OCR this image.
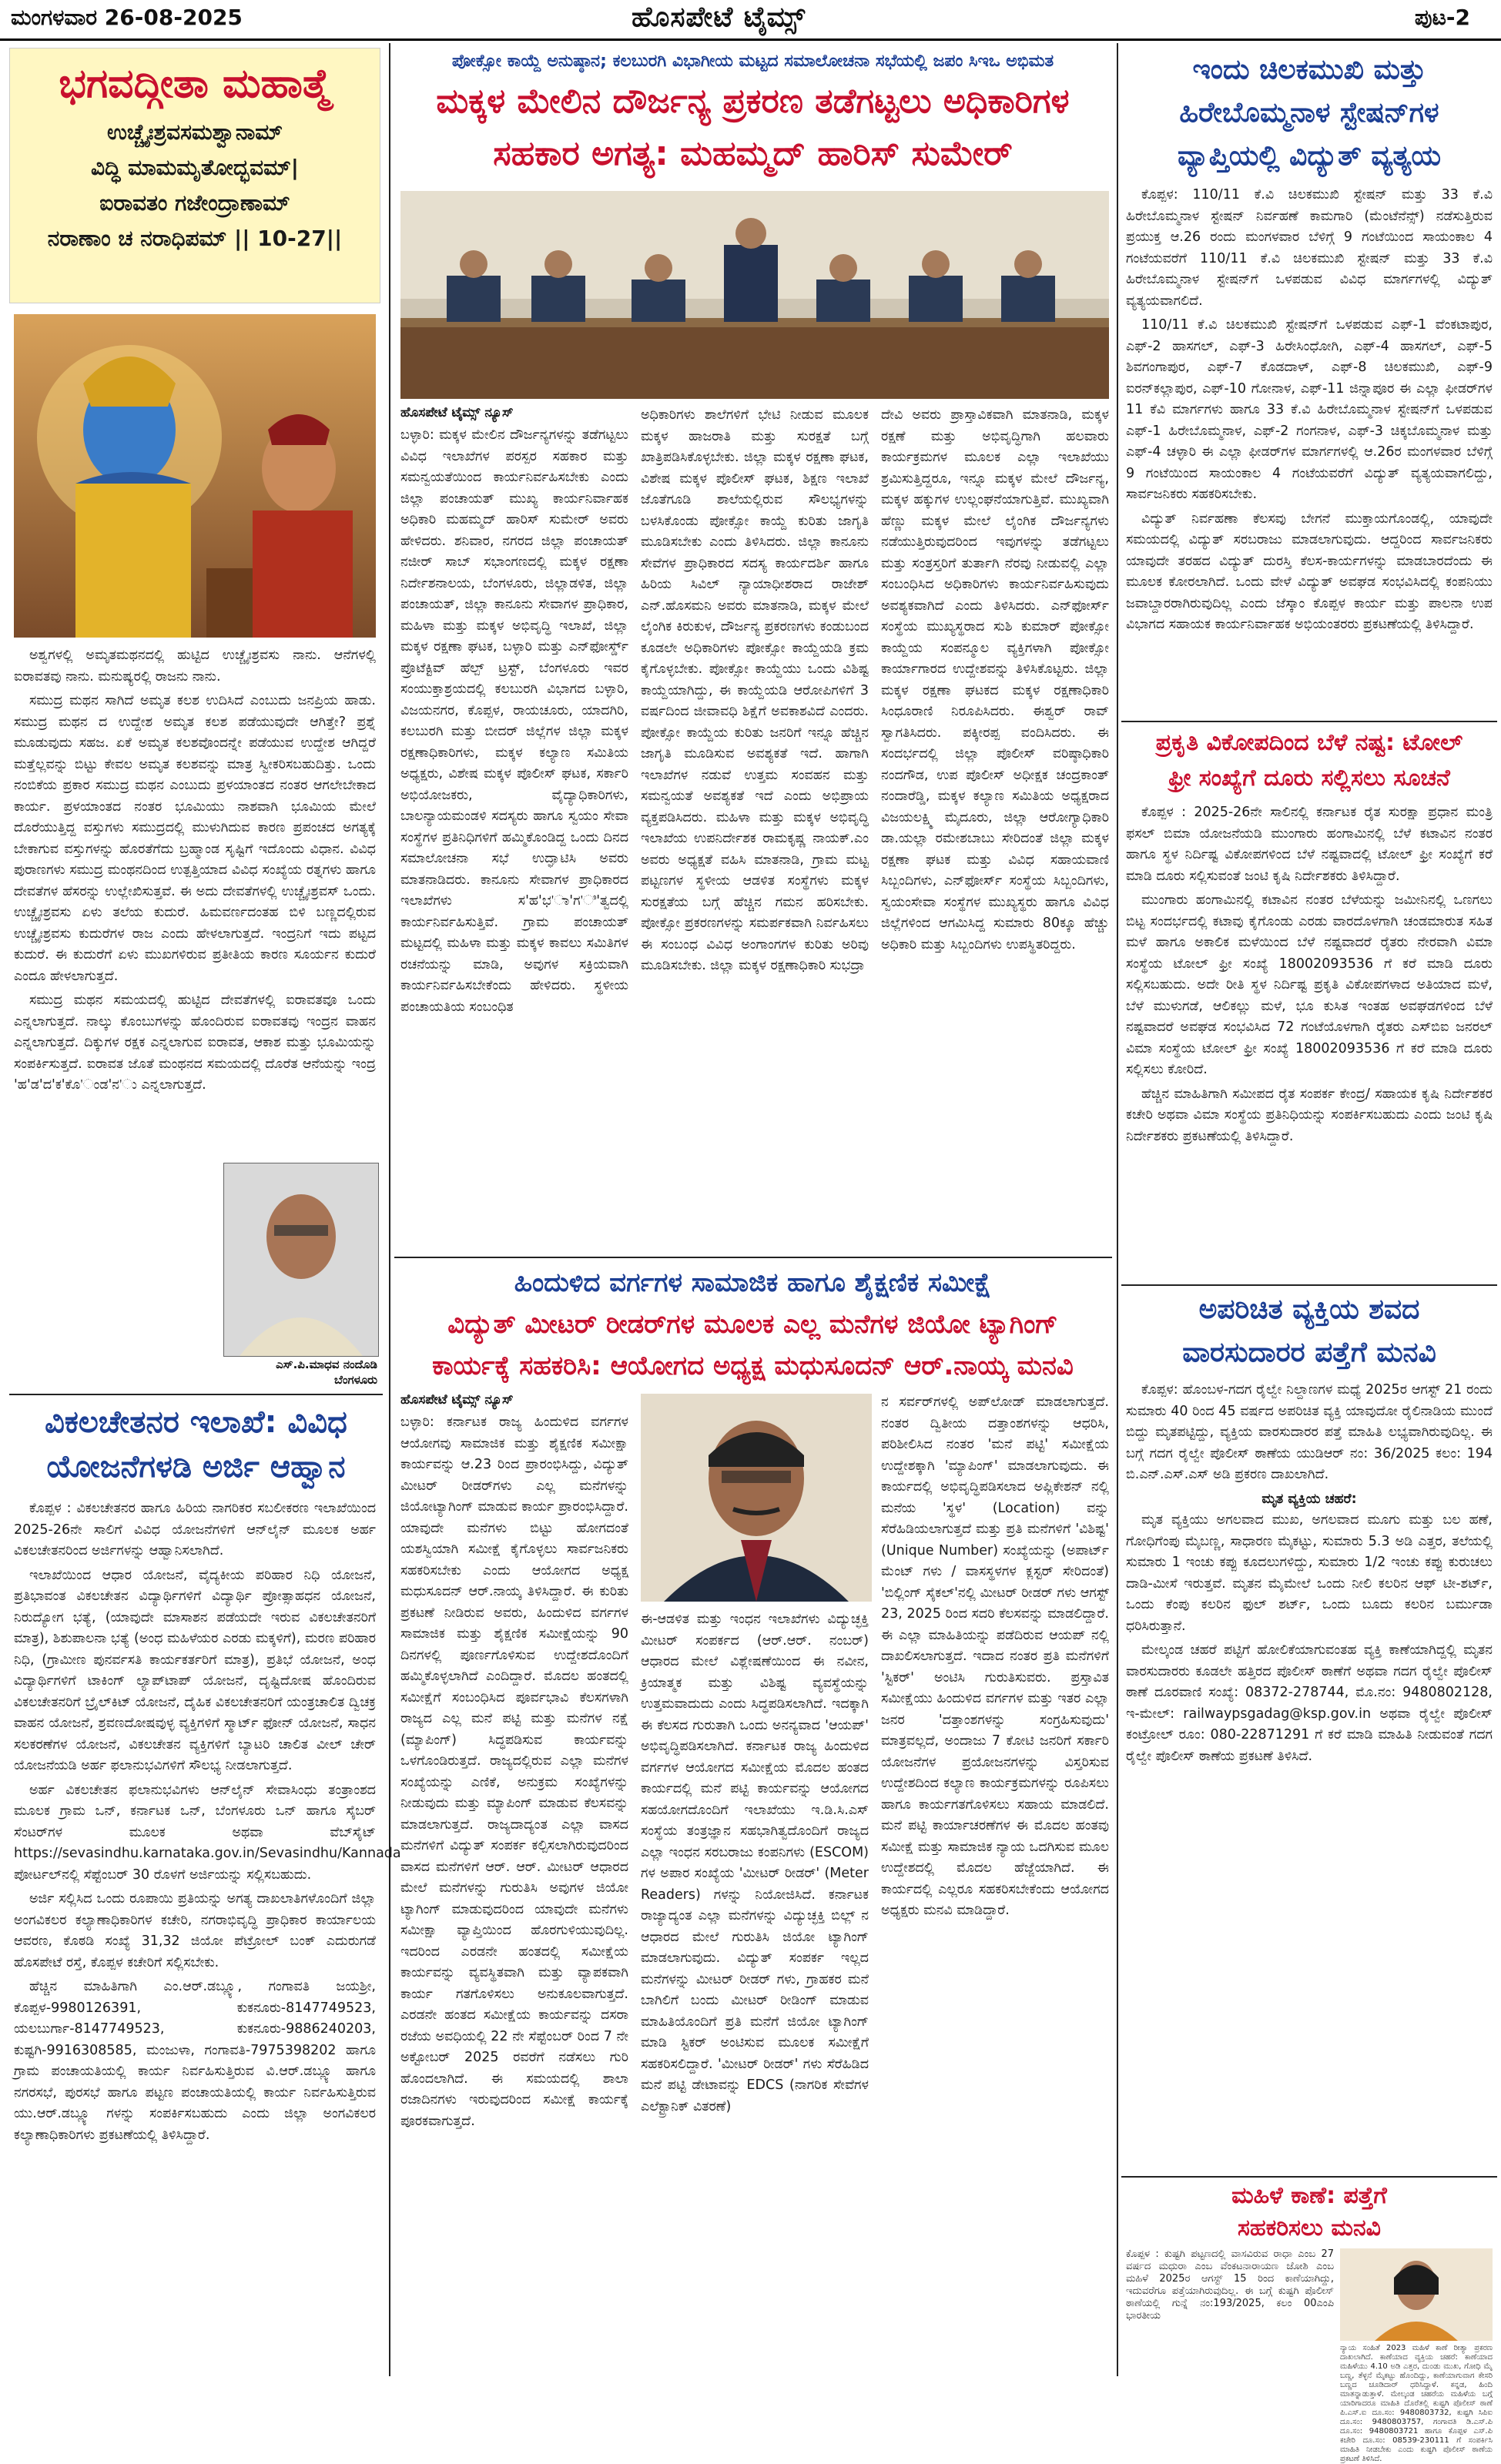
ಮಂಗಳವಾರ 26-08-2025	ಹೊಸಪೇಟೆ ಟೈಮ್ಸ್	ಪುಟ-2
ಭಗವದ್ಗೀತಾ ಮಹಾತ್ಮೆ
ಉಚ್ಚೈಃಶ್ರವಸಮಶ್ವಾನಾಮ್
ವಿದ್ಧಿ ಮಾಮಮೃತೋದ್ಭವಮ್|
ಐರಾವತಂ ಗಜೇಂದ್ರಾಣಾಮ್
ನರಾಣಾಂ ಚ ನರಾಧಿಪಮ್ || 10-27||

ಅಶ್ವಗಳಲ್ಲಿ ಅಮೃತಮಥನದಲ್ಲಿ ಹುಟ್ಟಿದ ಉಚ್ಚೈಃಶ್ರವಸು ನಾನು. ಆನೆಗಳಲ್ಲಿ ಐರಾವತವು ನಾನು. ಮನುಷ್ಯರಲ್ಲಿ ರಾಜನು ನಾನು.

ಸಮುದ್ರ ಮಥನ ಸಾಗಿದೆ ಅಮೃತ ಕಲಶ ಉದಿಸಿದೆ ಎಂಬುದು ಜನಪ್ರಿಯ ಹಾಡು. ಸಮುದ್ರ ಮಥನ ದ ಉದ್ದೇಶ ಅಮೃತ ಕಲಶ ಪಡೆಯುವುದೇ ಆಗಿತ್ತೇ? ಪ್ರಶ್ನೆ ಮೂಡುವುದು ಸಹಜ. ಏಕೆ ಅಮೃತ ಕಲಶವೊಂದನ್ನೇ ಪಡೆಯುವ ಉದ್ದೇಶ ಆಗಿದ್ದರೆ ಮತ್ತೆಲ್ಲವನ್ನು ಬಿಟ್ಟು ಕೇವಲ ಅಮೃತ ಕಲಶವನ್ನು ಮಾತ್ರ ಸ್ವೀಕರಿಸಬಹುದಿತ್ತು. ಒಂದು ನಂಬಿಕೆಯ ಪ್ರಕಾರ ಸಮುದ್ರ ಮಥನ ಎಂಬುದು ಪ್ರಳಯಾಂತದ ನಂತರ ಆಗಲೇಬೇಕಾದ ಕಾರ್ಯ. ಪ್ರಳಯಾಂತದ ನಂತರ ಭೂಮಿಯು ನಾಶವಾಗಿ ಭೂಮಿಯ ಮೇಲೆ ದೊರೆಯುತ್ತಿದ್ದ ವಸ್ತುಗಳು ಸಮುದ್ರದಲ್ಲಿ ಮುಳುಗಿದುವ ಕಾರಣ ಪ್ರಪಂಚದ ಅಗತ್ಯಕ್ಕೆ ಬೇಕಾಗುವ ವಸ್ತುಗಳನ್ನು ಹೊರತೆಗೆದು ಬ್ರಹ್ಮಾಂಡ ಸೃಷ್ಟಿಗೆ ಇದೊಂದು ವಿಧಾನ. ವಿವಿಧ ಪುರಾಣಗಳು ಸಮುದ್ರ ಮಂಥನದಿಂದ ಉತ್ಪತ್ತಿಯಾದ ವಿವಿಧ ಸಂಖ್ಯೆಯ ರತ್ನಗಳು ಹಾಗೂ ದೇವತೆಗಳ ಹೆಸರನ್ನು ಉಲ್ಲೇಖಿಸುತ್ತವೆ. ಈ ಅದು ದೇವತೆಗಳಲ್ಲಿ ಉಚ್ಚೈಃಶ್ರವಸ್ ಒಂದು. ಉಚ್ಚೈಃಶ್ರವಸು ಏಳು ತಲೆಯ ಕುದುರೆ. ಹಿಮವರ್ಣದಂತಹ ಬಿಳಿ ಬಣ್ಣದಲ್ಲಿರುವ ಉಚ್ಚೈಃಶ್ರವಸು ಕುದುರೆಗಳ ರಾಜ ಎಂದು ಹೇಳಲಾಗುತ್ತದೆ. ಇಂದ್ರನಿಗೆ ಇದು ಪಟ್ಟದ ಕುದುರೆ. ಈ ಕುದುರೆಗೆ ಏಳು ಮುಖಗಳಿರುವ ಪ್ರತೀತಿಯ ಕಾರಣ ಸೂರ್ಯನ ಕುದುರೆ ಎಂದೂ ಹೇಳಲಾಗುತ್ತದೆ.

ಸಮುದ್ರ ಮಥನ ಸಮಯದಲ್ಲಿ ಹುಟ್ಟಿದ ದೇವತೆಗಳಲ್ಲಿ ಐರಾವತವೂ ಒಂದು ಎನ್ನಲಾಗುತ್ತದೆ. ನಾಲ್ಕು ಕೊಂಬುಗಳನ್ನು ಹೊಂದಿರುವ ಐರಾವತವು ಇಂದ್ರನ ವಾಹನ ಎನ್ನಲಾಗುತ್ತದೆ. ದಿಕ್ಕುಗಳ ರಕ್ಷಕ ಎನ್ನಲಾಗುವ ಐರಾವತ, ಆಕಾಶ ಮತ್ತು ಭೂಮಿಯನ್ನು ಸಂಪರ್ಕಿಸುತ್ತದೆ. ಐರಾವತ ಜೊತೆ ಮಂಥನದ ಸಮಯದಲ್ಲಿ ದೊರೆತ ಆನೆಯನ್ನು ಇಂದ್ರ 'ಹ'ಡ'ದ'ಕ'ಕೊ'ಂಡ'ನ'ು ಎನ್ನಲಾಗುತ್ತದೆ.

ಎಸ್.ಪಿ.ಮಾಧವ ನಂದೊಡಿ
ಬೆಂಗಳೂರು
ವಿಕಲಚೇತನರ ಇಲಾಖೆ: ವಿವಿಧ ಯೋಜನೆಗಳಡಿ ಅರ್ಜಿ ಆಹ್ವಾನ

ಕೊಪ್ಪಳ : ವಿಕಲಚೇತನರ ಹಾಗೂ ಹಿರಿಯ ನಾಗರಿಕರ ಸಬಲೀಕರಣ ಇಲಾಖೆಯಿಂದ 2025-26ನೇ ಸಾಲಿಗೆ ವಿವಿಧ ಯೋಜನೆಗಳಿಗೆ ಆನ್‌ಲೈನ್ ಮೂಲಕ ಅರ್ಹ ವಿಕಲಚೇತನರಿಂದ ಅರ್ಜಿಗಳನ್ನು ಆಹ್ವಾನಿಸಲಾಗಿದೆ.

ಇಲಾಖೆಯಿಂದ ಆಧಾರ ಯೋಜನೆ, ವೈದ್ಯಕೀಯ ಪರಿಹಾರ ನಿಧಿ ಯೋಜನೆ, ಪ್ರತಿಭಾವಂತ ವಿಕಲಚೇತನ ವಿದ್ಯಾರ್ಥಿಗಳಿಗೆ ವಿದ್ಯಾರ್ಥಿ ಪ್ರೋತ್ಸಾಹಧನ ಯೋಜನೆ, ನಿರುದ್ಯೋಗ ಭತ್ಯೆ, (ಯಾವುದೇ ಮಾಸಾಶನ ಪಡೆಯದೇ ಇರುವ ವಿಕಲಚೇತನರಿಗೆ ಮಾತ್ರ), ಶಿಶುಪಾಲನಾ ಭತ್ಯೆ (ಅಂಧ ಮಹಿಳೆಯರ ಎರಡು ಮಕ್ಕಳಿಗೆ), ಮರಣ ಪರಿಹಾರ ನಿಧಿ, (ಗ್ರಾಮೀಣ ಪುನರ್ವಸತಿ ಕಾರ್ಯಕರ್ತರಿಗೆ ಮಾತ್ರ), ಪ್ರತಿಭೆ ಯೋಜನೆ, ಅಂಧ ವಿದ್ಯಾರ್ಥಿಗಳಿಗೆ ಟಾಕಿಂಗ್ ಲ್ಯಾಪ್‌ಟಾಪ್ ಯೋಜನೆ, ದೃಷ್ಟಿದೋಷ ಹೊಂದಿರುವ ವಿಕಲಚೇತನರಿಗೆ ಬ್ರೈಲ್‌ಕಿಟ್ ಯೋಜನೆ, ದೈಹಿಕ ವಿಕಲಚೇತನರಿಗೆ ಯಂತ್ರಚಾಲಿತ ದ್ವಿಚಕ್ರ ವಾಹನ ಯೋಜನೆ, ಶ್ರವಣದೋಷವುಳ್ಳ ವ್ಯಕ್ತಿಗಳಿಗೆ ಸ್ಮಾರ್ಟ್ ಫೋನ್ ಯೋಜನೆ, ಸಾಧನ ಸಲಕರಣೆಗಳ ಯೋಜನೆ, ವಿಕಲಚೇತನ ವ್ಯಕ್ತಿಗಳಿಗೆ ಬ್ಯಾಟರಿ ಚಾಲಿತ ವೀಲ್ ಚೇರ್ ಯೋಜನೆಯಡಿ ಅರ್ಹ ಫಲಾನುಭವಿಗಳಿಗೆ ಸೌಲಭ್ಯ ನೀಡಲಾಗುತ್ತದೆ.

ಅರ್ಹ ವಿಕಲಚೇತನ ಫಲಾನುಭವಿಗಳು ಆನ್‌ಲೈನ್ ಸೇವಾಸಿಂಧು ತಂತ್ರಾಂಶದ ಮೂಲಕ ಗ್ರಾಮ ಒನ್, ಕರ್ನಾಟಕ ಒನ್, ಬೆಂಗಳೂರು ಒನ್ ಹಾಗೂ ಸೈಬರ್ ಸೆಂಟರ್‌ಗಳ ಮೂಲಕ ಅಥವಾ ವೆಬ್‌ಸೈಟ್ https://sevasindhu.karnataka.gov.in/Sevasindhu/Kannada ಪೋರ್ಟಲ್‌ನಲ್ಲಿ ಸೆಪ್ಟೆಂಬರ್ 30 ರೊಳಗೆ ಅರ್ಜಿಯನ್ನು ಸಲ್ಲಿಸಬಹುದು.

ಅರ್ಜಿ ಸಲ್ಲಿಸಿದ ಒಂದು ರೂಪಾಯಿ ಪ್ರತಿಯನ್ನು ಅಗತ್ಯ ದಾಖಲಾತಿಗಳೊಂದಿಗೆ ಜಿಲ್ಲಾ ಅಂಗವಿಕಲರ ಕಲ್ಯಾಣಾಧಿಕಾರಿಗಳ ಕಚೇರಿ, ನಗರಾಭಿವೃದ್ಧಿ ಪ್ರಾಧಿಕಾರ ಕಾರ್ಯಾಲಯ ಆವರಣ, ಕೊಠಡಿ ಸಂಖ್ಯೆ 31,32 ಜಿಯೋ ಪೆಟ್ರೋಲ್ ಬಂಕ್ ಎದುರುಗಡೆ ಹೊಸಪೇಟೆ ರಸ್ತೆ, ಕೊಪ್ಪಳ ಕಚೇರಿಗೆ ಸಲ್ಲಿಸಬೇಕು.

ಹೆಚ್ಚಿನ ಮಾಹಿತಿಗಾಗಿ ಎಂ.ಆರ್.ಡಬ್ಲ್ಯೂ, ಗಂಗಾವತಿ ಜಯಶ್ರೀ, ಕೊಪ್ಪಳ-9980126391, ಕುಕನೂರು-8147749523, ಯಲಬುರ್ಗಾ-8147749523, ಕುಕನೂರು-9886240203, ಕುಷ್ಟಗಿ-9916308585, ಮಂಜುಳಾ, ಗಂಗಾವತಿ-7975398202 ಹಾಗೂ ಗ್ರಾಮ ಪಂಚಾಯತಿಯಲ್ಲಿ ಕಾರ್ಯ ನಿರ್ವಹಿಸುತ್ತಿರುವ ವಿ.ಆರ್.ಡಬ್ಲ್ಯೂ ಹಾಗೂ ನಗರಸಭೆ, ಪುರಸಭೆ ಹಾಗೂ ಪಟ್ಟಣ ಪಂಚಾಯತಿಯಲ್ಲಿ ಕಾರ್ಯ ನಿರ್ವಹಿಸುತ್ತಿರುವ ಯು.ಆರ್.ಡಬ್ಲ್ಯೂ ಗಳನ್ನು ಸಂಪರ್ಕಿಸಬಹುದು ಎಂದು ಜಿಲ್ಲಾ ಅಂಗವಿಕಲರ ಕಲ್ಯಾಣಾಧಿಕಾರಿಗಳು ಪ್ರಕಟಣೆಯಲ್ಲಿ ತಿಳಿಸಿದ್ದಾರೆ.

ಪೋಕ್ಸೋ ಕಾಯ್ದೆ ಅನುಷ್ಠಾನ; ಕಲಬುರಗಿ ವಿಭಾಗೀಯ ಮಟ್ಟದ ಸಮಾಲೋಚನಾ ಸಭೆಯಲ್ಲಿ ಜಪಂ ಸಿಇಒ ಅಭಿಮತ
ಮಕ್ಕಳ ಮೇಲಿನ ದೌರ್ಜನ್ಯ ಪ್ರಕರಣ ತಡೆಗಟ್ಟಲು ಅಧಿಕಾರಿಗಳ
ಸಹಕಾರ ಅಗತ್ಯ: ಮಹಮ್ಮದ್ ಹಾರಿಸ್ ಸುಮೇರ್
ಹೊಸಪೇಟೆ ಟೈಮ್ಸ್ ನ್ಯೂಸ್
ಬಳ್ಳಾರಿ: ಮಕ್ಕಳ ಮೇಲಿನ ದೌರ್ಜನ್ಯಗಳನ್ನು ತಡೆಗಟ್ಟಲು ವಿವಿಧ ಇಲಾಖೆಗಳ ಪರಸ್ಪರ ಸಹಕಾರ ಮತ್ತು ಸಮನ್ವಯತೆಯಿಂದ ಕಾರ್ಯನಿರ್ವಹಿಸಬೇಕು ಎಂದು ಜಿಲ್ಲಾ ಪಂಚಾಯತ್ ಮುಖ್ಯ ಕಾರ್ಯನಿರ್ವಾಹಕ ಅಧಿಕಾರಿ ಮಹಮ್ಮದ್ ಹಾರಿಸ್ ಸುಮೇರ್ ಅವರು ಹೇಳಿದರು. ಶನಿವಾರ, ನಗರದ ಜಿಲ್ಲಾ ಪಂಚಾಯತ್ ನಜೀರ್ ಸಾಬ್ ಸಭಾಂಗಣದಲ್ಲಿ ಮಕ್ಕಳ ರಕ್ಷಣಾ ನಿರ್ದೇಶನಾಲಯ, ಬೆಂಗಳೂರು, ಜಿಲ್ಲಾಡಳಿತ, ಜಿಲ್ಲಾ ಪಂಚಾಯತ್, ಜಿಲ್ಲಾ ಕಾನೂನು ಸೇವಾಗಳ ಪ್ರಾಧಿಕಾರ, ಮಹಿಳಾ ಮತ್ತು ಮಕ್ಕಳ ಅಭಿವೃದ್ಧಿ ಇಲಾಖೆ, ಜಿಲ್ಲಾ ಮಕ್ಕಳ ರಕ್ಷಣಾ ಘಟಕ, ಬಳ್ಳಾರಿ ಮತ್ತು ಎನ್‌ಫೋರ್ಸ್ಡ್ ಪ್ರೊಟೆಕ್ಟಿವ್ ಹೆಲ್ಪ್ ಟ್ರಸ್ಟ್, ಬೆಂಗಳೂರು ಇವರ ಸಂಯುಕ್ತಾಶ್ರಯದಲ್ಲಿ ಕಲಬುರಗಿ ವಿಭಾಗದ ಬಳ್ಳಾರಿ, ವಿಜಯನಗರ, ಕೊಪ್ಪಳ, ರಾಯಚೂರು, ಯಾದಗಿರಿ, ಕಲಬುರಗಿ ಮತ್ತು ಬೀದರ್ ಜಿಲ್ಲೆಗಳ ಜಿಲ್ಲಾ ಮಕ್ಕಳ ರಕ್ಷಣಾಧಿಕಾರಿಗಳು, ಮಕ್ಕಳ ಕಲ್ಯಾಣ ಸಮಿತಿಯ ಅಧ್ಯಕ್ಷರು, ವಿಶೇಷ ಮಕ್ಕಳ ಪೊಲೀಸ್ ಘಟಕ, ಸರ್ಕಾರಿ ಅಭಿಯೋಜಕರು, ವೈದ್ಯಾಧಿಕಾರಿಗಳು, ಬಾಲನ್ಯಾಯಮಂಡಳಿ ಸದಸ್ಯರು ಹಾಗೂ ಸ್ವಯಂ ಸೇವಾ ಸಂಸ್ಥೆಗಳ ಪ್ರತಿನಿಧಿಗಳಿಗೆ ಹಮ್ಮಿಕೊಂಡಿದ್ದ ಒಂದು ದಿನದ ಸಮಾಲೋಚನಾ ಸಭೆ ಉದ್ಘಾಟಿಸಿ ಅವರು ಮಾತನಾಡಿದರು. ಕಾನೂನು ಸೇವಾಗಳ ಪ್ರಾಧಿಕಾರದ ಇಲಾಖೆಗಳು ಸ'ಹ'ಭ'ಾ'ಗ'ಿ'ತ್ವದಲ್ಲಿ ಕಾರ್ಯನಿರ್ವಹಿಸುತ್ತಿವೆ. ಗ್ರಾಮ ಪಂಚಾಯತ್ ಮಟ್ಟದಲ್ಲಿ ಮಹಿಳಾ ಮತ್ತು ಮಕ್ಕಳ ಕಾವಲು ಸಮಿತಿಗಳ ರಚನೆಯನ್ನು ಮಾಡಿ, ಅವುಗಳ ಸಕ್ರಿಯವಾಗಿ ಕಾರ್ಯನಿರ್ವಹಿಸಬೇಕೆಂದು ಹೇಳಿದರು. ಸ್ಥಳೀಯ ಪಂಚಾಯತಿಯ ಸಂಬಂಧಿತ
ಅಧಿಕಾರಿಗಳು ಶಾಲೆಗಳಿಗೆ ಭೇಟಿ ನೀಡುವ ಮೂಲಕ ಮಕ್ಕಳ ಹಾಜರಾತಿ ಮತ್ತು ಸುರಕ್ಷತೆ ಬಗ್ಗೆ ಖಾತ್ರಿಪಡಿಸಿಕೊಳ್ಳಬೇಕು. ಜಿಲ್ಲಾ ಮಕ್ಕಳ ರಕ್ಷಣಾ ಘಟಕ, ವಿಶೇಷ ಮಕ್ಕಳ ಪೊಲೀಸ್ ಘಟಕ, ಶಿಕ್ಷಣ ಇಲಾಖೆ ಜೊತೆಗೂಡಿ ಶಾಲೆಯಲ್ಲಿರುವ ಸೌಲಭ್ಯಗಳನ್ನು ಬಳಸಿಕೊಂಡು ಪೋಕ್ಸೋ ಕಾಯ್ದೆ ಕುರಿತು ಜಾಗೃತಿ ಮೂಡಿಸಬೇಕು ಎಂದು ತಿಳಿಸಿದರು. ಜಿಲ್ಲಾ ಕಾನೂನು ಸೇವೆಗಳ ಪ್ರಾಧಿಕಾರದ ಸದಸ್ಯ ಕಾರ್ಯದರ್ಶಿ ಹಾಗೂ ಹಿರಿಯ ಸಿವಿಲ್ ನ್ಯಾಯಾಧೀಶರಾದ ರಾಜೇಶ್ ಎನ್.ಹೊಸಮನಿ ಅವರು ಮಾತನಾಡಿ, ಮಕ್ಕಳ ಮೇಲೆ ಲೈಂಗಿಕ ಕಿರುಕುಳ, ದೌರ್ಜನ್ಯ ಪ್ರಕರಣಗಳು ಕಂಡುಬಂದ ಕೂಡಲೇ ಅಧಿಕಾರಿಗಳು ಪೋಕ್ಸೋ ಕಾಯ್ದೆಯಡಿ ಕ್ರಮ ಕೈಗೊಳ್ಳಬೇಕು. ಪೋಕ್ಸೋ ಕಾಯ್ದೆಯು ಒಂದು ವಿಶಿಷ್ಟ ಕಾಯ್ದೆಯಾಗಿದ್ದು, ಈ ಕಾಯ್ದೆಯಡಿ ಆರೋಪಿಗಳಿಗೆ 3 ವರ್ಷದಿಂದ ಜೀವಾವಧಿ ಶಿಕ್ಷೆಗೆ ಅವಕಾಶವಿದೆ ಎಂದರು. ಪೋಕ್ಸೋ ಕಾಯ್ದೆಯ ಕುರಿತು ಜನರಿಗೆ ಇನ್ನೂ ಹೆಚ್ಚಿನ ಜಾಗೃತಿ ಮೂಡಿಸುವ ಅವಶ್ಯಕತೆ ಇದೆ. ಹಾಗಾಗಿ ಇಲಾಖೆಗಳ ನಡುವೆ ಉತ್ತಮ ಸಂವಹನ ಮತ್ತು ಸಮನ್ವಯತೆ ಅವಶ್ಯಕತೆ ಇದೆ ಎಂದು ಅಭಿಪ್ರಾಯ ವ್ಯಕ್ತಪಡಿಸಿದರು. ಮಹಿಳಾ ಮತ್ತು ಮಕ್ಕಳ ಅಭಿವೃದ್ಧಿ ಇಲಾಖೆಯ ಉಪನಿರ್ದೇಶಕ ರಾಮಕೃಷ್ಣ ನಾಯಕ್.ಎಂ ಅವರು ಅಧ್ಯಕ್ಷತೆ ವಹಿಸಿ ಮಾತನಾಡಿ, ಗ್ರಾಮ ಮಟ್ಟ ಪಟ್ಟಣಗಳ ಸ್ಥಳೀಯ ಆಡಳಿತ ಸಂಸ್ಥೆಗಳು ಮಕ್ಕಳ ಸುರಕ್ಷತೆಯ ಬಗ್ಗೆ ಹೆಚ್ಚಿನ ಗಮನ ಹರಿಸಬೇಕು. ಪೋಕ್ಸೋ ಪ್ರಕರಣಗಳನ್ನು ಸಮರ್ಪಕವಾಗಿ ನಿರ್ವಹಿಸಲು ಈ ಸಂಬಂಧ ವಿವಿಧ ಅಂಗಾಂಗಗಳ ಕುರಿತು ಅರಿವು ಮೂಡಿಸಬೇಕು. ಜಿಲ್ಲಾ ಮಕ್ಕಳ ರಕ್ಷಣಾಧಿಕಾರಿ ಸುಭದ್ರಾ
ದೇವಿ ಅವರು ಪ್ರಾಸ್ತಾವಿಕವಾಗಿ ಮಾತನಾಡಿ, ಮಕ್ಕಳ ರಕ್ಷಣೆ ಮತ್ತು ಅಭಿವೃದ್ಧಿಗಾಗಿ ಹಲವಾರು ಕಾರ್ಯಕ್ರಮಗಳ ಮೂಲಕ ಎಲ್ಲಾ ಇಲಾಖೆಯು ಶ್ರಮಿಸುತ್ತಿದ್ದರೂ, ಇನ್ನೂ ಮಕ್ಕಳ ಮೇಲೆ ದೌರ್ಜನ್ಯ, ಮಕ್ಕಳ ಹಕ್ಕುಗಳ ಉಲ್ಲಂಘನೆಯಾಗುತ್ತಿವೆ. ಮುಖ್ಯವಾಗಿ ಹೆಣ್ಣು ಮಕ್ಕಳ ಮೇಲೆ ಲೈಂಗಿಕ ದೌರ್ಜನ್ಯಗಳು ನಡೆಯುತ್ತಿರುವುದರಿಂದ ಇವುಗಳನ್ನು ತಡೆಗಟ್ಟಲು ಮತ್ತು ಸಂತ್ರಸ್ತರಿಗೆ ತುರ್ತಾಗಿ ನೆರವು ನೀಡುವಲ್ಲಿ ಎಲ್ಲಾ ಸಂಬಂಧಿಸಿದ ಅಧಿಕಾರಿಗಳು ಕಾರ್ಯನಿರ್ವಹಿಸುವುದು ಅವಶ್ಯಕವಾಗಿದೆ ಎಂದು ತಿಳಿಸಿದರು. ಎನ್‌ಫೋರ್ಸ್ ಸಂಸ್ಥೆಯ ಮುಖ್ಯಸ್ಥರಾದ ಸುಶಿ ಕುಮಾರ್ ಪೋಕ್ಸೋ ಕಾಯ್ದೆಯ ಸಂಪನ್ಮೂಲ ವ್ಯಕ್ತಿಗಳಾಗಿ ಪೋಕ್ಸೋ ಕಾರ್ಯಾಗಾರದ ಉದ್ದೇಶವನ್ನು ತಿಳಿಸಿಕೊಟ್ಟರು. ಜಿಲ್ಲಾ ಮಕ್ಕಳ ರಕ್ಷಣಾ ಘಟಕದ ಮಕ್ಕಳ ರಕ್ಷಣಾಧಿಕಾರಿ ಸಿಂಧೂರಾಣಿ ನಿರೂಪಿಸಿದರು. ಈಶ್ವರ್ ರಾವ್ ಸ್ವಾಗತಿಸಿದರು. ಪಕ್ಕೀರಪ್ಪ ವಂದಿಸಿದರು. ಈ ಸಂದರ್ಭದಲ್ಲಿ ಜಿಲ್ಲಾ ಪೊಲೀಸ್ ವರಿಷ್ಠಾಧಿಕಾರಿ ನಂದಗೌಡ, ಉಪ ಪೊಲೀಸ್ ಅಧೀಕ್ಷಕ ಚಂದ್ರಕಾಂತ್ ನಂದಾರೆಡ್ಡಿ, ಮಕ್ಕಳ ಕಲ್ಯಾಣ ಸಮಿತಿಯ ಅಧ್ಯಕ್ಷರಾದ ವಿಜಯಲಕ್ಷ್ಮಿ ಮೈದೂರು, ಜಿಲ್ಲಾ ಆರೋಗ್ಯಾಧಿಕಾರಿ ಡಾ.ಯಲ್ಲಾ ರಮೇಶಬಾಬು ಸೇರಿದಂತೆ ಜಿಲ್ಲಾ ಮಕ್ಕಳ ರಕ್ಷಣಾ ಘಟಕ ಮತ್ತು ವಿವಿಧ ಸಹಾಯವಾಣಿ ಸಿಬ್ಬಂದಿಗಳು, ಎನ್‌ಫೋರ್ಸ್ ಸಂಸ್ಥೆಯ ಸಿಬ್ಬಂದಿಗಳು, ಸ್ವಯಂಸೇವಾ ಸಂಸ್ಥೆಗಳ ಮುಖ್ಯಸ್ಥರು ಹಾಗೂ ವಿವಿಧ ಜಿಲ್ಲೆಗಳಿಂದ ಆಗಮಿಸಿದ್ದ ಸುಮಾರು 80ಕ್ಕೂ ಹೆಚ್ಚು ಅಧಿಕಾರಿ ಮತ್ತು ಸಿಬ್ಬಂದಿಗಳು ಉಪಸ್ಥಿತರಿದ್ದರು.
ಹಿಂದುಳಿದ ವರ್ಗಗಳ ಸಾಮಾಜಿಕ ಹಾಗೂ ಶೈಕ್ಷಣಿಕ ಸಮೀಕ್ಷೆ
ವಿದ್ಯುತ್ ಮೀಟರ್ ರೀಡರ್‌ಗಳ ಮೂಲಕ ಎಲ್ಲ ಮನೆಗಳ ಜಿಯೋ ಟ್ಯಾಗಿಂಗ್
ಕಾರ್ಯಕ್ಕೆ ಸಹಕರಿಸಿ: ಆಯೋಗದ ಅಧ್ಯಕ್ಷ ಮಧುಸೂದನ್ ಆರ್.ನಾಯ್ಕ ಮನವಿ
ಹೊಸಪೇಟೆ ಟೈಮ್ಸ್ ನ್ಯೂಸ್
ಬಳ್ಳಾರಿ: ಕರ್ನಾಟಕ ರಾಜ್ಯ ಹಿಂದುಳಿದ ವರ್ಗಗಳ ಆಯೋಗವು ಸಾಮಾಜಿಕ ಮತ್ತು ಶೈಕ್ಷಣಿಕ ಸಮೀಕ್ಷಾ ಕಾರ್ಯವನ್ನು ಆ.23 ರಿಂದ ಪ್ರಾರಂಭಿಸಿದ್ದು, ವಿದ್ಯುತ್ ಮೀಟರ್ ರೀಡರ್‌ಗಳು ಎಲ್ಲ ಮನೆಗಳನ್ನು ಜಿಯೋಟ್ಯಾಗಿಂಗ್ ಮಾಡುವ ಕಾರ್ಯ ಪ್ರಾರಂಭಿಸಿದ್ದಾರೆ. ಯಾವುದೇ ಮನೆಗಳು ಬಿಟ್ಟು ಹೋಗದಂತೆ ಯಶಸ್ವಿಯಾಗಿ ಸಮೀಕ್ಷೆ ಕೈಗೊಳ್ಳಲು ಸಾರ್ವಜನಿಕರು ಸಹಕರಿಸಬೇಕು ಎಂದು ಆಯೋಗದ ಅಧ್ಯಕ್ಷ ಮಧುಸೂದನ್ ಆರ್.ನಾಯ್ಕ ತಿಳಿಸಿದ್ದಾರೆ. ಈ ಕುರಿತು ಪ್ರಕಟಣೆ ನೀಡಿರುವ ಅವರು, ಹಿಂದುಳಿದ ವರ್ಗಗಳ ಸಾಮಾಜಿಕ ಮತ್ತು ಶೈಕ್ಷಣಿಕ ಸಮೀಕ್ಷೆಯನ್ನು 90 ದಿನಗಳಲ್ಲಿ ಪೂರ್ಣಗೊಳಿಸುವ ಉದ್ದೇಶದೊಂದಿಗೆ ಹಮ್ಮಿಕೊಳ್ಳಲಾಗಿದೆ ಎಂದಿದ್ದಾರೆ. ಮೊದಲ ಹಂತದಲ್ಲಿ ಸಮೀಕ್ಷೆಗೆ ಸಂಬಂಧಿಸಿದ ಪೂರ್ವಭಾವಿ ಕೆಲಸಗಳಾಗಿ ರಾಜ್ಯದ ಎಲ್ಲ ಮನೆ ಪಟ್ಟಿ ಮತ್ತು ಮನೆಗಳ ನಕ್ಷೆ (ಮ್ಯಾಪಿಂಗ್) ಸಿದ್ಧಪಡಿಸುವ ಕಾರ್ಯವನ್ನು ಒಳಗೊಂಡಿರುತ್ತದೆ. ರಾಜ್ಯದಲ್ಲಿರುವ ಎಲ್ಲಾ ಮನೆಗಳ ಸಂಖ್ಯೆಯನ್ನು ಎಣಿಕೆ, ಅನುಕ್ರಮ ಸಂಖ್ಯೆಗಳನ್ನು ನೀಡುವುದು ಮತ್ತು ಮ್ಯಾಪಿಂಗ್ ಮಾಡುವ ಕೆಲಸವನ್ನು ಮಾಡಲಾಗುತ್ತದೆ. ರಾಜ್ಯದಾದ್ಯಂತ ಎಲ್ಲಾ ವಾಸದ ಮನೆಗಳಿಗೆ ವಿದ್ಯುತ್ ಸಂಪರ್ಕ ಕಲ್ಪಿಸಲಾಗಿರುವುದರಿಂದ ವಾಸದ ಮನೆಗಳಿಗೆ ಆರ್. ಆರ್. ಮೀಟರ್ ಆಧಾರದ ಮೇಲೆ ಮನೆಗಳನ್ನು ಗುರುತಿಸಿ ಅವುಗಳ ಜಿಯೋ ಟ್ಯಾಗಿಂಗ್ ಮಾಡುವುದರಿಂದ ಯಾವುದೇ ಮನೆಗಳು ಸಮೀಕ್ಷಾ ವ್ಯಾಪ್ತಿಯಿಂದ ಹೊರಗುಳಿಯುವುದಿಲ್ಲ. ಇದರಿಂದ ಎರಡನೇ ಹಂತದಲ್ಲಿ ಸಮೀಕ್ಷೆಯ ಕಾರ್ಯವನ್ನು ವ್ಯವಸ್ಥಿತವಾಗಿ ಮತ್ತು ವ್ಯಾಪಕವಾಗಿ ಕಾರ್ಯ ಗತಗೊಳಿಸಲು ಅನುಕೂಲವಾಗುತ್ತದೆ. ಎರಡನೇ ಹಂತದ ಸಮೀಕ್ಷೆಯ ಕಾರ್ಯವನ್ನು ದಸರಾ ರಜೆಯ ಅವಧಿಯಲ್ಲಿ 22 ನೇ ಸೆಪ್ಟೆಂಬರ್ ರಿಂದ 7 ನೇ ಅಕ್ಟೋಬರ್ 2025 ರವರೆಗೆ ನಡೆಸಲು ಗುರಿ ಹೊಂದಲಾಗಿದೆ. ಈ ಸಮಯದಲ್ಲಿ ಶಾಲಾ ರಜಾದಿನಗಳು ಇರುವುದರಿಂದ ಸಮೀಕ್ಷೆ ಕಾರ್ಯಕ್ಕೆ ಪೂರಕವಾಗುತ್ತದೆ.
ಈ-ಆಡಳಿತ ಮತ್ತು ಇಂಧನ ಇಲಾಖೆಗಳು ವಿದ್ಯುಚ್ಛಕ್ತಿ ಮೀಟರ್ ಸಂಪರ್ಕದ (ಆರ್.ಆರ್. ನಂಬರ್) ಆಧಾರದ ಮೇಲೆ ವಿಶ್ಲೇಷಣೆಯಿಂದ ಈ ನವೀನ, ಕ್ರಿಯಾತ್ಮಕ ಮತ್ತು ವಿಶಿಷ್ಟ ವ್ಯವಸ್ಥೆಯನ್ನು ಉತ್ತಮವಾದುದು ಎಂದು ಸಿದ್ಧಪಡಿಸಲಾಗಿದೆ. ಇದಕ್ಕಾಗಿ ಈ ಕೆಲಸದ ಗುರುತಾಗಿ ಒಂದು ಅನನ್ಯವಾದ 'ಆಯಪ್' ಅಭಿವೃದ್ಧಿಪಡಿಸಲಾಗಿದೆ. ಕರ್ನಾಟಕ ರಾಜ್ಯ ಹಿಂದುಳಿದ ವರ್ಗಗಳ ಆಯೋಗದ ಸಮೀಕ್ಷೆಯ ಮೊದಲ ಹಂತದ ಕಾರ್ಯದಲ್ಲಿ ಮನೆ ಪಟ್ಟಿ ಕಾರ್ಯವನ್ನು ಆಯೋಗದ ಸಹಯೋಗದೊಂದಿಗೆ ಇಲಾಖೆಯು ಇ.ಡಿ.ಸಿ.ಎಸ್ ಸಂಸ್ಥೆಯ ತಂತ್ರಜ್ಞಾನ ಸಹಭಾಗಿತ್ವದೊಂದಿಗೆ ರಾಜ್ಯದ ಎಲ್ಲಾ ಇಂಧನ ಸರಬರಾಜು ಕಂಪನಿಗಳು (ESCOM) ಗಳ ಅಪಾರ ಸಂಖ್ಯೆಯ 'ಮೀಟರ್ ರೀಡರ್' (Meter Readers) ಗಳನ್ನು ನಿಯೋಜಿಸಿದೆ. ಕರ್ನಾಟಕ ರಾಜ್ಯಾದ್ಯಂತ ಎಲ್ಲಾ ಮನೆಗಳನ್ನು ವಿದ್ಯುಚ್ಛಕ್ತಿ ಬಿಲ್ಲ್ ನ ಆಧಾರದ ಮೇಲೆ ಗುರುತಿಸಿ ಜಿಯೋ ಟ್ಯಾಗಿಂಗ್ ಮಾಡಲಾಗುವುದು. ವಿದ್ಯುತ್ ಸಂಪರ್ಕ ಇಲ್ಲದ ಮನೆಗಳನ್ನು ಮೀಟರ್ ರೀಡರ್ ಗಳು, ಗ್ರಾಹಕರ ಮನೆ ಬಾಗಿಲಿಗೆ ಬಂದು ಮೀಟರ್ ರೀಡಿಂಗ್ ಮಾಡುವ ಮಾಹಿತಿಯೊಂದಿಗೆ ಪ್ರತಿ ಮನೆಗೆ ಜಿಯೋ ಟ್ಯಾಗಿಂಗ್ ಮಾಡಿ ಸ್ಟಿಕರ್ ಅಂಟಿಸುವ ಮೂಲಕ ಸಮೀಕ್ಷೆಗೆ ಸಹಕರಿಸಲಿದ್ದಾರೆ. 'ಮೀಟರ್ ರೀಡರ್' ಗಳು ಸೆರೆಹಿಡಿದ ಮನೆ ಪಟ್ಟಿ ಡೇಟಾವನ್ನು EDCS (ನಾಗರಿಕ ಸೇವೆಗಳ ಎಲೆಕ್ಟ್ರಾನಿಕ್ ವಿತರಣೆ)
ನ ಸರ್ವರ್‌ಗಳಲ್ಲಿ ಅಪ್‌ಲೋಡ್ ಮಾಡಲಾಗುತ್ತದೆ. ನಂತರ ದ್ವಿತೀಯ ದತ್ತಾಂಶಗಳನ್ನು ಆಧರಿಸಿ, ಪರಿಶೀಲಿಸಿದ ನಂತರ 'ಮನೆ ಪಟ್ಟಿ' ಸಮೀಕ್ಷೆಯ ಉದ್ದೇಶಕ್ಕಾಗಿ 'ಮ್ಯಾಪಿಂಗ್' ಮಾಡಲಾಗುವುದು. ಈ ಕಾರ್ಯದಲ್ಲಿ ಅಭಿವೃದ್ಧಿಪಡಿಸಲಾದ ಅಪ್ಲಿಕೇಶನ್ ನಲ್ಲಿ ಮನೆಯ 'ಸ್ಥಳ' (Location) ವನ್ನು ಸೆರೆಹಿಡಿಯಲಾಗುತ್ತದೆ ಮತ್ತು ಪ್ರತಿ ಮನೆಗಳಿಗೆ 'ವಿಶಿಷ್ಟ' (Unique Number) ಸಂಖ್ಯೆಯನ್ನು (ಅಪಾರ್ಟ್ ಮೆಂಟ್ ಗಳು / ವಾಸಸ್ಥಳಗಳ ಕ್ಲಸ್ಟರ್ ಸೇರಿದಂತೆ) 'ಬಿಲ್ಲಿಂಗ್ ಸೈಕಲ್'ನಲ್ಲಿ ಮೀಟರ್ ರೀಡರ್ ಗಳು ಆಗಸ್ಟ್ 23, 2025 ರಿಂದ ಸದರಿ ಕೆಲಸವನ್ನು ಮಾಡಲಿದ್ದಾರೆ. ಈ ಎಲ್ಲಾ ಮಾಹಿತಿಯನ್ನು ಪಡೆದಿರುವ ಆಯಪ್ ನಲ್ಲಿ ದಾಖಲಿಸಲಾಗುತ್ತದೆ. ಇದಾದ ನಂತರ ಪ್ರತಿ ಮನೆಗಳಿಗೆ 'ಸ್ಟಿಕರ್' ಅಂಟಿಸಿ ಗುರುತಿಸುವರು. ಪ್ರಸ್ತಾವಿತ ಸಮೀಕ್ಷೆಯು ಹಿಂದುಳಿದ ವರ್ಗಗಳ ಮತ್ತು ಇತರ ಎಲ್ಲಾ ಜನರ 'ದತ್ತಾಂಶಗಳನ್ನು ಸಂಗ್ರಹಿಸುವುದು' ಮಾತ್ರವಲ್ಲದೆ, ಅಂದಾಜು 7 ಕೋಟಿ ಜನರಿಗೆ ಸರ್ಕಾರಿ ಯೋಜನೆಗಳ ಪ್ರಯೋಜನಗಳನ್ನು ವಿಸ್ತರಿಸುವ ಉದ್ದೇಶದಿಂದ ಕಲ್ಯಾಣ ಕಾರ್ಯಕ್ರಮಗಳನ್ನು ರೂಪಿಸಲು ಹಾಗೂ ಕಾರ್ಯಗತಗೊಳಿಸಲು ಸಹಾಯ ಮಾಡಲಿದೆ. ಮನೆ ಪಟ್ಟಿ ಕಾರ್ಯಾಚರಣೆಗಳ ಈ ಮೊದಲ ಹಂತವು ಸಮೀಕ್ಷೆ ಮತ್ತು ಸಾಮಾಜಿಕ ನ್ಯಾಯ ಒದಗಿಸುವ ಮೂಲ ಉದ್ದೇಶದಲ್ಲಿ ಮೊದಲ ಹೆಜ್ಜೆಯಾಗಿದೆ. ಈ ಕಾರ್ಯದಲ್ಲಿ ಎಲ್ಲರೂ ಸಹಕರಿಸಬೇಕೆಂದು ಆಯೋಗದ ಅಧ್ಯಕ್ಷರು ಮನವಿ ಮಾಡಿದ್ದಾರೆ.
ಇಂದು ಚಿಲಕಮುಖಿ ಮತ್ತು
ಹಿರೇಬೊಮ್ಮನಾಳ ಸ್ಟೇಷನ್‌ಗಳ
ವ್ಯಾಪ್ತಿಯಲ್ಲಿ ವಿದ್ಯುತ್ ವ್ಯತ್ಯಯ

ಕೊಪ್ಪಳ: 110/11 ಕೆ.ವಿ ಚಿಲಕಮುಖಿ ಸ್ಟೇಷನ್ ಮತ್ತು 33 ಕೆ.ವಿ ಹಿರೇಬೊಮ್ಮನಾಳ ಸ್ಟೇಷನ್ ನಿರ್ವಹಣೆ ಕಾಮಗಾರಿ (ಮೆಂಟೆನೆನ್ಸ್) ನಡೆಸುತ್ತಿರುವ ಪ್ರಯುಕ್ತ ಆ.26 ರಂದು ಮಂಗಳವಾರ ಬೆಳಿಗ್ಗೆ 9 ಗಂಟೆಯಿಂದ ಸಾಯಂಕಾಲ 4 ಗಂಟೆಯವರೆಗೆ 110/11 ಕೆ.ವಿ ಚಿಲಕಮುಖಿ ಸ್ಟೇಷನ್ ಮತ್ತು 33 ಕೆ.ವಿ ಹಿರೇಬೊಮ್ಮನಾಳ ಸ್ಟೇಷನ್‌ಗೆ ಒಳಪಡುವ ವಿವಿಧ ಮಾರ್ಗಗಳಲ್ಲಿ ವಿದ್ಯುತ್ ವ್ಯತ್ಯಯವಾಗಲಿದೆ.

110/11 ಕೆ.ವಿ ಚಿಲಕಮುಖಿ ಸ್ಟೇಷನ್‌ಗೆ ಒಳಪಡುವ ಎಫ್-1 ವೆಂಕಟಾಪುರ, ಎಫ್-2 ಹಾಸಗಲ್, ಎಫ್-3 ಹಿರೇಸಿಂಧೋಗಿ, ಎಫ್-4 ಹಾಸಗಲ್, ಎಫ್-5 ಶಿವಗಂಗಾಪುರ, ಎಫ್-7 ಕೊಡದಾಳ್, ಎಫ್-8 ಚಿಲಕಮುಖಿ, ಎಫ್-9 ಐರನ್‌ಕಲ್ಲಾಪುರ, ಎಫ್-10 ಗೋನಾಳ, ಎಫ್-11 ಜಿನ್ನಾಪೂರ ಈ ಎಲ್ಲಾ ಫೀಡರ್‌ಗಳ 11 ಕೆವಿ ಮಾರ್ಗಗಳು ಹಾಗೂ 33 ಕೆ.ವಿ ಹಿರೇಬೊಮ್ಮನಾಳ ಸ್ಟೇಷನ್‌ಗೆ ಒಳಪಡುವ ಎಫ್-1 ಹಿರೇಬೊಮ್ಮನಾಳ, ಎಫ್-2 ಗಂಗನಾಳ, ಎಫ್-3 ಚಿಕ್ಕಬೊಮ್ಮನಾಳ ಮತ್ತು ಎಫ್-4 ಚಳ್ಳಾರಿ ಈ ಎಲ್ಲಾ ಫೀಡರ್‌ಗಳ ಮಾರ್ಗಗಳಲ್ಲಿ ಆ.26ರ ಮಂಗಳವಾರ ಬೆಳಿಗ್ಗೆ 9 ಗಂಟೆಯಿಂದ ಸಾಯಂಕಾಲ 4 ಗಂಟೆಯವರೆಗೆ ವಿದ್ಯುತ್ ವ್ಯತ್ಯಯವಾಗಲಿದ್ದು, ಸಾರ್ವಜನಿಕರು ಸಹಕರಿಸಬೇಕು.

ವಿದ್ಯುತ್ ನಿರ್ವಹಣಾ ಕೆಲಸವು ಬೇಗನೆ ಮುಕ್ತಾಯಗೊಂಡಲ್ಲಿ, ಯಾವುದೇ ಸಮಯದಲ್ಲಿ ವಿದ್ಯುತ್ ಸರಬರಾಜು ಮಾಡಲಾಗುವುದು. ಆದ್ದರಿಂದ ಸಾರ್ವಜನಿಕರು ಯಾವುದೇ ತರಹದ ವಿದ್ಯುತ್ ದುರಸ್ತಿ ಕೆಲಸ-ಕಾರ್ಯಗಳನ್ನು ಮಾಡಬಾರದೆಂದು ಈ ಮೂಲಕ ಕೋರಲಾಗಿದೆ. ಒಂದು ವೇಳೆ ವಿದ್ಯುತ್ ಅವಘಡ ಸಂಭವಿಸಿದಲ್ಲಿ ಕಂಪನಿಯು ಜವಾಬ್ದಾರರಾಗಿರುವುದಿಲ್ಲ ಎಂದು ಜೆಸ್ಕಾಂ ಕೊಪ್ಪಳ ಕಾರ್ಯ ಮತ್ತು ಪಾಲನಾ ಉಪ ವಿಭಾಗದ ಸಹಾಯಕ ಕಾರ್ಯನಿರ್ವಾಹಕ ಅಭಿಯಂತರರು ಪ್ರಕಟಣೆಯಲ್ಲಿ ತಿಳಿಸಿದ್ದಾರೆ.

ಪ್ರಕೃತಿ ವಿಕೋಪದಿಂದ ಬೆಳೆ ನಷ್ಟ: ಟೋಲ್
ಫ್ರೀ ಸಂಖ್ಯೆಗೆ ದೂರು ಸಲ್ಲಿಸಲು ಸೂಚನೆ

ಕೊಪ್ಪಳ : 2025-26ನೇ ಸಾಲಿನಲ್ಲಿ ಕರ್ನಾಟಕ ರೈತ ಸುರಕ್ಷಾ ಪ್ರಧಾನ ಮಂತ್ರಿ ಫಸಲ್ ಬಿಮಾ ಯೋಜನೆಯಡಿ ಮುಂಗಾರು ಹಂಗಾಮಿನಲ್ಲಿ ಬೆಳೆ ಕಟಾವಿನ ನಂತರ ಹಾಗೂ ಸ್ಥಳ ನಿರ್ದಿಷ್ಟ ವಿಕೋಪಗಳಿಂದ ಬೆಳೆ ನಷ್ಟವಾದಲ್ಲಿ ಟೋಲ್ ಫ್ರೀ ಸಂಖ್ಯೆಗೆ ಕರೆ ಮಾಡಿ ದೂರು ಸಲ್ಲಿಸುವಂತೆ ಜಂಟಿ ಕೃಷಿ ನಿರ್ದೇಶಕರು ತಿಳಿಸಿದ್ದಾರೆ.

ಮುಂಗಾರು ಹಂಗಾಮಿನಲ್ಲಿ ಕಟಾವಿನ ನಂತರ ಬೆಳೆಯನ್ನು ಜಮೀನಿನಲ್ಲಿ ಒಣಗಲು ಬಿಟ್ಟ ಸಂದರ್ಭದಲ್ಲಿ ಕಟಾವು ಕೈಗೊಂಡು ಎರಡು ವಾರದೊಳಗಾಗಿ ಚಂಡಮಾರುತ ಸಹಿತ ಮಳೆ ಹಾಗೂ ಅಕಾಲಿಕ ಮಳೆಯಿಂದ ಬೆಳೆ ನಷ್ಟವಾದರೆ ರೈತರು ನೇರವಾಗಿ ವಿಮಾ ಸಂಸ್ಥೆಯ ಟೋಲ್ ಫ್ರೀ ಸಂಖ್ಯೆ 18002093536 ಗೆ ಕರೆ ಮಾಡಿ ದೂರು ಸಲ್ಲಿಸಬಹುದು. ಅದೇ ರೀತಿ ಸ್ಥಳ ನಿರ್ದಿಷ್ಟ ಪ್ರಕೃತಿ ವಿಕೋಪಗಳಾದ ಅತಿಯಾದ ಮಳೆ, ಬೆಳೆ ಮುಳುಗಡೆ, ಆಲಿಕಲ್ಲು ಮಳೆ, ಭೂ ಕುಸಿತ ಇಂತಹ ಅವಘಡಗಳಿಂದ ಬೆಳೆ ನಷ್ಟವಾದರೆ ಅವಘಡ ಸಂಭವಿಸಿದ 72 ಗಂಟೆಯೊಳಗಾಗಿ ರೈತರು ಎಸ್‌ಬಿಐ ಜನರಲ್ ವಿಮಾ ಸಂಸ್ಥೆಯ ಟೋಲ್ ಫ್ರೀ ಸಂಖ್ಯೆ 18002093536 ಗೆ ಕರೆ ಮಾಡಿ ದೂರು ಸಲ್ಲಿಸಲು ಕೋರಿದೆ.

ಹೆಚ್ಚಿನ ಮಾಹಿತಿಗಾಗಿ ಸಮೀಪದ ರೈತ ಸಂಪರ್ಕ ಕೇಂದ್ರ/ ಸಹಾಯಕ ಕೃಷಿ ನಿರ್ದೇಶಕರ ಕಚೇರಿ ಅಥವಾ ವಿಮಾ ಸಂಸ್ಥೆಯ ಪ್ರತಿನಿಧಿಯನ್ನು ಸಂಪರ್ಕಿಸಬಹುದು ಎಂದು ಜಂಟಿ ಕೃಷಿ ನಿರ್ದೇಶಕರು ಪ್ರಕಟಣೆಯಲ್ಲಿ ತಿಳಿಸಿದ್ದಾರೆ.

ಅಪರಿಚಿತ ವ್ಯಕ್ತಿಯ ಶವದ
ವಾರಸುದಾರರ ಪತ್ತೆಗೆ ಮನವಿ

ಕೊಪ್ಪಳ: ಹೊಂಬಳ-ಗದಗ ರೈಲ್ವೇ ನಿಲ್ದಾಣಗಳ ಮಧ್ಯೆ 2025ರ ಆಗಸ್ಟ್ 21 ರಂದು ಸುಮಾರು 40 ರಿಂದ 45 ವರ್ಷದ ಅಪರಿಚಿತ ವ್ಯಕ್ತಿ ಯಾವುದೋ ರೈಲಿನಾಡಿಯ ಮುಂದೆ ಬಿದ್ದು ಮೃತಪಟ್ಟಿದ್ದು, ವ್ಯಕ್ತಿಯ ವಾರಸುದಾರರ ಪತ್ತೆ ಮಾಹಿತಿ ಲಭ್ಯವಾಗಿರುವುದಿಲ್ಲ. ಈ ಬಗ್ಗೆ ಗದಗ ರೈಲ್ವೇ ಪೊಲೀಸ್ ಠಾಣೆಯ ಯುಡಿಆರ್ ನಂ: 36/2025 ಕಲಂ: 194 ಬಿ.ಎನ್.ಎಸ್.ಎಸ್ ಅಡಿ ಪ್ರಕರಣ ದಾಖಲಾಗಿದೆ.

ಮೃತ ವ್ಯಕ್ತಿಯ ಚಹರೆ:

ಮೃತ ವ್ಯಕ್ತಿಯು ಅಗಲವಾದ ಮುಖ, ಅಗಲವಾದ ಮೂಗು ಮತ್ತು ಬಲ ಹಣೆ, ಗೋಧಿಗೆಂಪು ಮೈಬಣ್ಣ, ಸಾಧಾರಣ ಮೈಕಟ್ಟು, ಸುಮಾರು 5.3 ಅಡಿ ಎತ್ತರ, ತಲೆಯಲ್ಲಿ ಸುಮಾರು 1 ಇಂಚು ಕಪ್ಪು ಕೂದಲುಗಳಿದ್ದು, ಸುಮಾರು 1/2 ಇಂಚು ಕಪ್ಪು ಕುರುಚಲು ದಾಡಿ-ಮೀಸೆ ಇರುತ್ತವೆ. ಮೃತನ ಮೈಮೇಲೆ ಒಂದು ನೀಲಿ ಕಲರಿನ ಆಫ್ ಟೀ-ಶರ್ಟ್, ಒಂದು ಕೆಂಪು ಕಲರಿನ ಫುಲ್ ಶರ್ಟ್, ಒಂದು ಬೂದು ಕಲರಿನ ಬರ್ಮುಡಾ ಧರಿಸಿರುತ್ತಾನೆ.

ಮೇಲ್ಕಂಡ ಚಹರೆ ಪಟ್ಟಿಗೆ ಹೋಲಿಕೆಯಾಗುವಂತಹ ವ್ಯಕ್ತಿ ಕಾಣೆಯಾಗಿದ್ದಲ್ಲಿ ಮೃತನ ವಾರಸುದಾರರು ಕೂಡಲೇ ಹತ್ತಿರದ ಪೊಲೀಸ್ ಠಾಣೆಗೆ ಅಥವಾ ಗದಗ ರೈಲ್ವೇ ಪೊಲೀಸ್ ಠಾಣೆ ದೂರವಾಣಿ ಸಂಖ್ಯೆ: 08372-278744, ಮೊ.ನಂ: 9480802128, ಇ-ಮೇಲ್: railwaypsgadag@ksp.gov.in ಅಥವಾ ರೈಲ್ವೇ ಪೊಲೀಸ್ ಕಂಟ್ರೋಲ್ ರೂಂ: 080-22871291 ಗೆ ಕರೆ ಮಾಡಿ ಮಾಹಿತಿ ನೀಡುವಂತೆ ಗದಗ ರೈಲ್ವೇ ಪೊಲೀಸ್ ಠಾಣೆಯ ಪ್ರಕಟಣೆ ತಿಳಿಸಿದೆ.

ಮಹಿಳೆ ಕಾಣೆ: ಪತ್ತೆಗೆ
ಸಹಕರಿಸಲು ಮನವಿ
ಕೊಪ್ಪಳ : ಕುಷ್ಟಗಿ ಪಟ್ಟಣದಲ್ಲಿ ವಾಸವಿರುವ ರಾಧಾ ಎಂಬ 27 ವರ್ಷದ ಮಧುರಾ ಎಂಬ ವೆಂಕಟನಾರಾಯಣ ಜೋಶಿ ಎಂಬ ಮಹಿಳೆ 2025ರ ಆಗಸ್ಟ್ 15 ರಿಂದ ಕಾಣೆಯಾಗಿದ್ದು, ಇದುವರೆಗೂ ಪತ್ತೆಯಾಗಿರುವುದಿಲ್ಲ. ಈ ಬಗ್ಗೆ ಕುಷ್ಟಗಿ ಪೊಲೀಸ್ ಠಾಣೆಯಲ್ಲಿ ಗುನ್ನೆ ನಂ:193/2025, ಕಲಂ 00ಎಂಪಿ ಭಾರತೀಯ
ನ್ಯಾಯ ಸಂಹಿತೆ 2023 ಮಹಿಳೆ ಕಾಣೆ ರೀತ್ಯಾ ಪ್ರಕರಣ ದಾಖಲಾಗಿದೆ. ಕಾಣೆಯಾದ ವ್ಯಕ್ತಿಯ ಚಹರೆ: ಕಾಣೆಯಾದ ಮಹಿಳೆಯು 4.10 ಅಡಿ ಎತ್ತರ, ದುಂಡು ಮುಖ, ಗೋಧಿ ಮೈ ಬಣ್ಣ, ತೆಳ್ಳನೆ ಮೈಕಟ್ಟು ಹೊಂದಿದ್ದು, ಕಾಣೆಯಾಗುವಾಗ ಕೇಸರಿ ಬಣ್ಣದ ಚೂಡಿದಾರ್ ಧರಿಸಿದ್ದಾಳೆ. ಕನ್ನಡ, ಹಿಂದಿ ಮಾತನ್ನಾಡುತ್ತಾಳೆ. ಮೇಲ್ಕಂಡ ಚಹರೆಯ ಮಹಿಳೆಯ ಬಗ್ಗೆ ಯಾರಿಗಾದರೂ ಮಾಹಿತಿ ದೊರೆತಲ್ಲಿ ಕುಷ್ಟಗಿ ಪೊಲೀಸ್ ಠಾಣೆ ಪಿ.ಎಸ್.ಐ ದೂ.ಸಂ: 9480803732, ಕುಷ್ಟಗಿ ಸಿಪಿಐ ದೂ.ಸಂ: 9480803757, ಗಂಗಾವತಿ ಡಿ.ಎಸ್.ಪಿ ದೂ.ಸಂ: 9480803721 ಹಾಗೂ ಕೊಪ್ಪಳ ಎಸ್.ಪಿ ಕಚೇರಿ ದೂ.ಸಂ: 08539-230111 ಗೆ ಸಂಪರ್ಕಿಸಿ ಮಾಹಿತಿ ನೀಡಬೇಕು ಎಂದು ಕುಷ್ಟಗಿ ಪೊಲೀಸ್ ಠಾಣೆಯ ಪ್ರಕಟಣೆ ತಿಳಿಸಿದೆ.
